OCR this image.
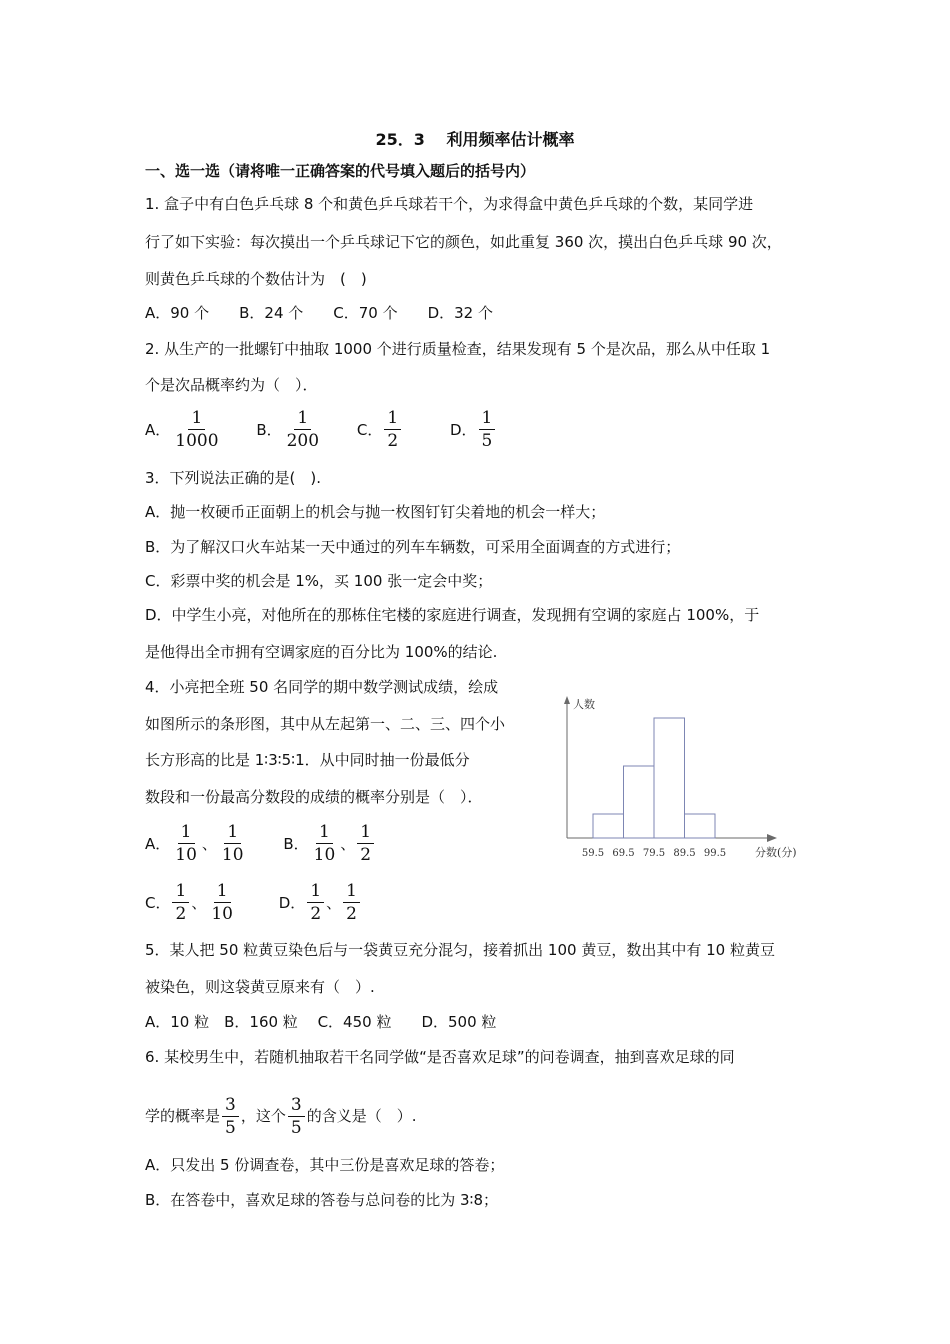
25．3　 利用频率估计概率
一、选一选（请将唯一正确答案的代号填入题后的括号内）
1. 盒子中有白色乒乓球 8 个和黄色乒乓球若干个，为求得盒中黄色乒乓球的个数，某同学进
行了如下实验：每次摸出一个乒乓球记下它的颜色，如此重复 360 次，摸出白色乒乓球 90 次，
则黄色乒乓球的个数估计为　(　)
A．90 个　　B．24 个　　C．70 个　　D．32 个
2. 从生产的一批螺钉中抽取 1000 个进行质量检查，结果发现有 5 个是次品，那么从中任取 1
个是次品概率约为（　）．
A． $\frac{1}{1000}$
B． $\frac{1}{200}$
C． $\frac{1}{2}$
	D． $\frac{1}{5}$
3．下列说法正确的是(　).
A．抛一枚硬币正面朝上的机会与抛一枚图钉钉尖着地的机会一样大；
B．为了解汉口火车站某一天中通过的列车车辆数，可采用全面调查的方式进行；
C．彩票中奖的机会是 1%，买 100 张一定会中奖；
D．中学生小亮，对他所在的那栋住宅楼的家庭进行调查，发现拥有空调的家庭占 100%，于
是他得出全市拥有空调家庭的百分比为 100%的结论.
4．小亮把全班 50 名同学的期中数学测试成绩，绘成
如图所示的条形图，其中从左起第一、二、三、四个小
长方形高的比是 1∶3∶5∶1．从中同时抽一份最低分
数段和一份最高分数段的成绩的概率分别是（　）．
A． $\frac{1}{10}$ 、 $\frac{1}{10}$
B． $\frac{1}{10}$ 、 $\frac{1}{2}$
C． $\frac{1}{2}$ 、 $\frac{1}{10}$
	D． $\frac{1}{2}$ 、 $\frac{1}{2}$
59.5 69.5 79.5 89.5 99.5
人数
分数(分)
5．某人把 50 粒黄豆染色后与一袋黄豆充分混匀，接着抓出 100 黄豆，数出其中有 10 粒黄豆
被染色，则这袋黄豆原来有（　）.
A．10 粒　B．160 粒　 C．450 粒　　D．500 粒
6. 某校男生中，若随机抽取若干名同学做“是否喜欢足球”的问卷调查，抽到喜欢足球的同
学的概率是 $\frac{3}{5}$ ，这个 $\frac{3}{5}$ 的含义是（　）.
A．只发出 5 份调查卷，其中三份是喜欢足球的答卷；
B．在答卷中，喜欢足球的答卷与总问卷的比为 3∶8；
